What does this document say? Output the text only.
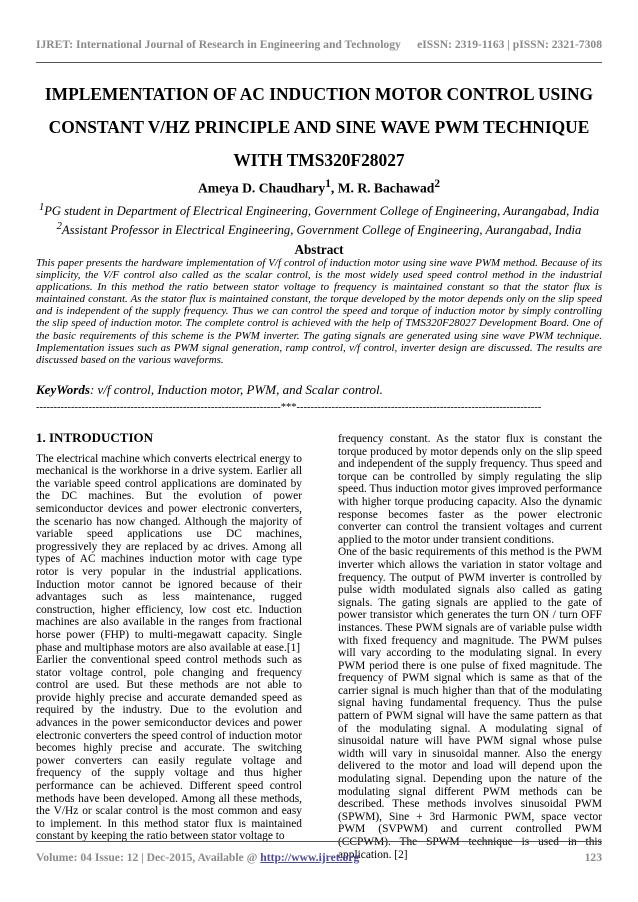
IJRET: International Journal of Research in Engineering and Technology eISSN: 2319-1163 | pISSN: 2321-7308
IMPLEMENTATION OF AC INDUCTION MOTOR CONTROL USING
CONSTANT V/HZ PRINCIPLE AND SINE WAVE PWM TECHNIQUE
WITH TMS320F28027
Ameya D. Chaudhary$^1$, M. R. Bachawad$^2$
$^1$PG student in Department of Electrical Engineering, Government College of Engineering, Aurangabad, India
$^2$Assistant Professor in Electrical Engineering, Government College of Engineering, Aurangabad, India
Abstract
This paper presents the hardware implementation of V/f control of induction motor using sine wave PWM method. Because of its simplicity, the V/F control also called as the scalar control, is the most widely used speed control method in the industrial applications. In this method the ratio between stator voltage to frequency is maintained constant so that the stator flux is maintained constant. As the stator flux is maintained constant, the torque developed by the motor depends only on the slip speed and is independent of the supply frequency. Thus we can control the speed and torque of induction motor by simply controlling the slip speed of induction motor. The complete control is achieved with the help of TMS320F28027 Development Board. One of the basic requirements of this scheme is the PWM inverter. The gating signals are generated using sine wave PWM technique. Implementation issues such as PWM signal generation, ramp control, v/f control, inverter design are discussed. The results are discussed based on the various waveforms.
KeyWords: v/f control, Induction motor, PWM, and Scalar control.
----------------------------------------------------------------------***----------------------------------------------------------------------
1. INTRODUCTION

The electrical machine which converts electrical energy to mechanical is the workhorse in a drive system. Earlier all the variable speed control applications are dominated by the DC machines. But the evolution of power semiconductor devices and power electronic converters, the scenario has now changed. Although the majority of variable speed applications use DC machines, progressively they are replaced by ac drives. Among all types of AC machines induction motor with cage type rotor is very popular in the industrial applications. Induction motor cannot be ignored because of their advantages such as less maintenance, rugged construction, higher efficiency, low cost etc. Induction machines are also available in the ranges from fractional horse power (FHP) to multi-megawatt capacity. Single phase and multiphase motors are also available at ease.[1]

Earlier the conventional speed control methods such as stator voltage control, pole changing and frequency control are used. But these methods are not able to provide highly precise and accurate demanded speed as required by the industry. Due to the evolution and advances in the power semiconductor devices and power electronic converters the speed control of induction motor becomes highly precise and accurate. The switching power converters can easily regulate voltage and frequency of the supply voltage and thus higher performance can be achieved. Different speed control methods have been developed. Among all these methods, the V/Hz or scalar control is the most common and easy to implement. In this method stator flux is maintained constant by keeping the ratio between stator voltage to

frequency constant. As the stator flux is constant the torque produced by motor depends only on the slip speed and independent of the supply frequency. Thus speed and torque can be controlled by simply regulating the slip speed. Thus induction motor gives improved performance with higher torque producing capacity. Also the dynamic response becomes faster as the power electronic converter can control the transient voltages and current applied to the motor under transient conditions.

One of the basic requirements of this method is the PWM inverter which allows the variation in stator voltage and frequency. The output of PWM inverter is controlled by pulse width modulated signals also called as gating signals. The gating signals are applied to the gate of power transistor which generates the turn ON / turn OFF instances. These PWM signals are of variable pulse width with fixed frequency and magnitude. The PWM pulses will vary according to the modulating signal. In every PWM period there is one pulse of fixed magnitude. The frequency of PWM signal which is same as that of the carrier signal is much higher than that of the modulating signal having fundamental frequency. Thus the pulse pattern of PWM signal will have the same pattern as that of the modulating signal. A modulating signal of sinusoidal nature will have PWM signal whose pulse width will vary in sinusoidal manner. Also the energy delivered to the motor and load will depend upon the modulating signal. Depending upon the nature of the modulating signal different PWM methods can be described. These methods involves sinusoidal PWM (SPWM), Sine + 3rd Harmonic PWM, space vector PWM (SVPWM) and current controlled PWM (CCPWM). The SPWM technique is used in this application. [2]

Volume: 04 Issue: 12 | Dec-2015, Available @ http://www.ijret.org	123
